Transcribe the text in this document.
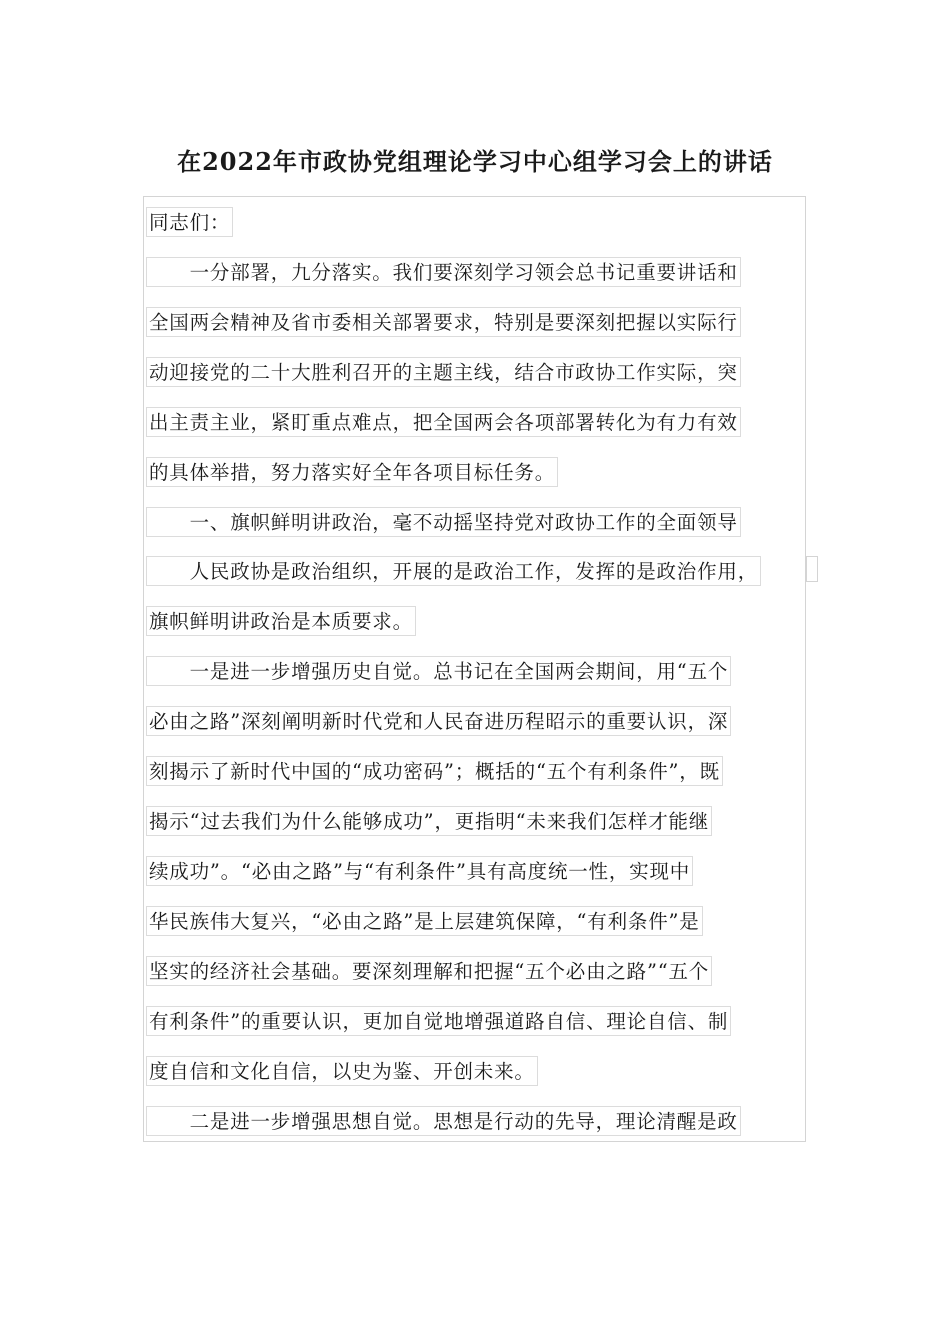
在2022年市政协党组理论学习中心组学习会上的讲话
同志们：
　　一分部署，九分落实。我们要深刻学习领会总书记重要讲话和
全国两会精神及省市委相关部署要求，特别是要深刻把握以实际行
动迎接党的二十大胜利召开的主题主线，结合市政协工作实际，突
出主责主业，紧盯重点难点，把全国两会各项部署转化为有力有效
的具体举措，努力落实好全年各项目标任务。
　　一、旗帜鲜明讲政治，毫不动摇坚持党对政协工作的全面领导
　　人民政协是政治组织，开展的是政治工作，发挥的是政治作用，
旗帜鲜明讲政治是本质要求。
　　一是进一步增强历史自觉。总书记在全国两会期间，用“五个
必由之路”深刻阐明新时代党和人民奋进历程昭示的重要认识，深
刻揭示了新时代中国的“成功密码”；概括的“五个有利条件”，既
揭示“过去我们为什么能够成功”，更指明“未来我们怎样才能继
续成功”。“必由之路”与“有利条件”具有高度统一性，实现中
华民族伟大复兴，“必由之路”是上层建筑保障，“有利条件”是
坚实的经济社会基础。要深刻理解和把握“五个必由之路”“五个
有利条件”的重要认识，更加自觉地增强道路自信、理论自信、制
度自信和文化自信，以史为鉴、开创未来。
　　二是进一步增强思想自觉。思想是行动的先导，理论清醒是政
